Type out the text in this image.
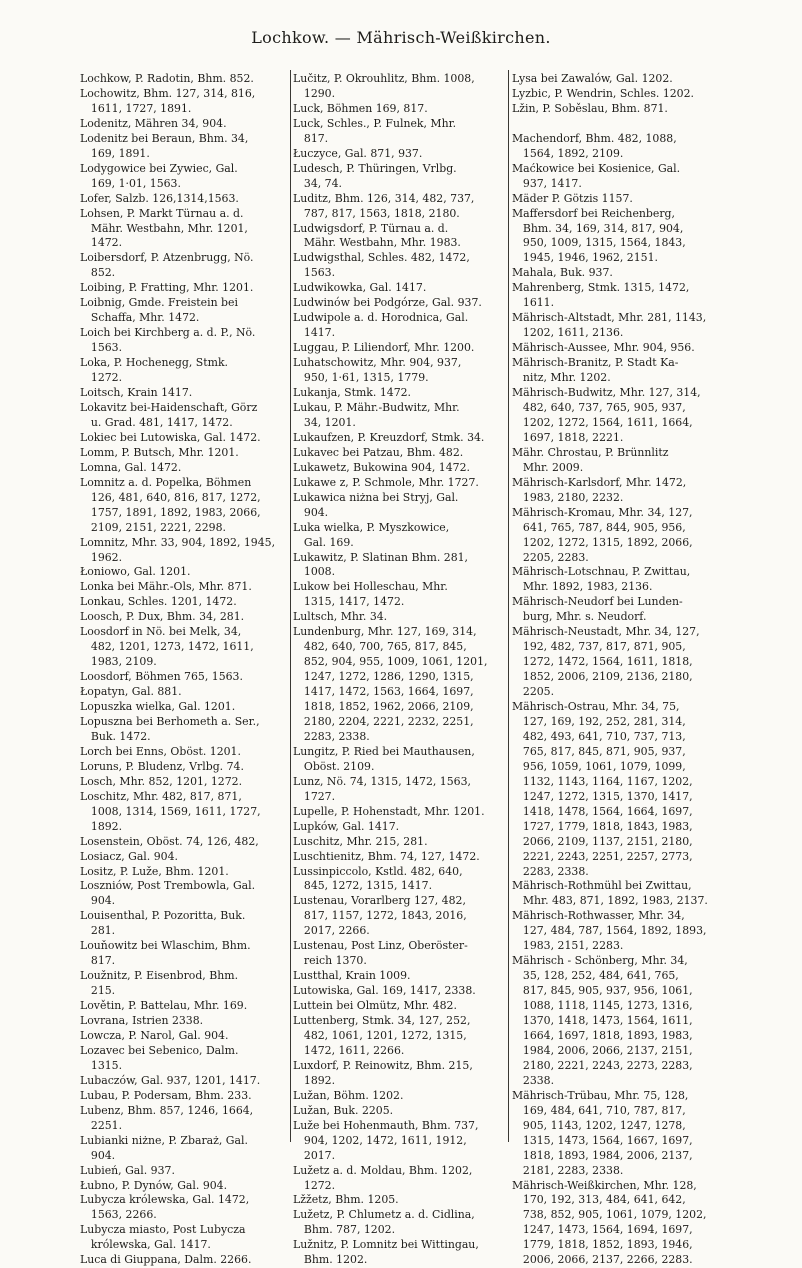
Lochkow. — Mährisch-Weißkirchen.
Lochkow, P. Radotin, Bhm. 852.
Lochowitz, Bhm. 127, 314, 816,
 1611, 1727, 1891.
Lodenitz, Mähren 34, 904.
Lodenitz bei Beraun, Bhm. 34,
 169, 1891.
Lodygowice bei Zywiec, Gal.
 169, 1·01, 1563.
Lofer, Salzb. 126,1314,1563.
Lohsen, P. Markt Türnau a. d.
 Mähr. Westbahn, Mhr. 1201,
 1472.
Loibersdorf, P. Atzenbrugg, Nö.
 852.
Loibing, P. Fratting, Mhr. 1201.
Loibnig, Gmde. Freistein bei
 Schaffa, Mhr. 1472.
Loich bei Kirchberg a. d. P., Nö.
 1563.
Loka, P. Hochenegg, Stmk.
 1272.
Loitsch, Krain 1417.
Lokavitz bei-Haidenschaft, Görz
 u. Grad. 481, 1417, 1472.
Lokiec bei Lutowiska, Gal. 1472.
Lomm, P. Butsch, Mhr. 1201.
Lomna, Gal. 1472.
Lomnitz a. d. Popelka, Böhmen
 126, 481, 640, 816, 817, 1272,
 1757, 1891, 1892, 1983, 2066,
 2109, 2151, 2221, 2298.
Lomnitz, Mhr. 33, 904, 1892, 1945,
 1962.
Łoniowo, Gal. 1201.
Lonka bei Mähr.-Ols, Mhr. 871.
Lonkau, Schles. 1201, 1472.
Loosch, P. Dux, Bhm. 34, 281.
Loosdorf in Nö. bei Melk, 34,
 482, 1201, 1273, 1472, 1611,
 1983, 2109.
Loosdorf, Böhmen 765, 1563.
Łopatyn, Gal. 881.
Lopuszka wielka, Gal. 1201.
Lopuszna bei Berhometh a. Ser.,
 Buk. 1472.
Lorch bei Enns, Oböst. 1201.
Loruns, P. Bludenz, Vrlbg. 74.
Losch, Mhr. 852, 1201, 1272.
Loschitz, Mhr. 482, 817, 871,
 1008, 1314, 1569, 1611, 1727,
 1892.
Losenstein, Oböst. 74, 126, 482,
Losiacz, Gal. 904.
Lositz, P. Luže, Bhm. 1201.
Loszniów, Post Trembowla, Gal.
 904.
Louisenthal, P. Pozoritta, Buk.
 281.
Louňowitz bei Wlaschim, Bhm.
 817.
Loužnitz, P. Eisenbrod, Bhm.
 215.
Lovětin, P. Battelau, Mhr. 169.
Lovrana, Istrien 2338.
Lowcza, P. Narol, Gal. 904.
Lozavec bei Sebenico, Dalm.
 1315.
Lubaczów, Gal. 937, 1201, 1417.
Lubau, P. Podersam, Bhm. 233.
Lubenz, Bhm. 857, 1246, 1664,
 2251.
Lubianki niżne, P. Zbaraż, Gal.
 904.
Lubień, Gal. 937.
Łubno, P. Dynów, Gal. 904.
Lubycza królewska, Gal. 1472,
 1563, 2266.
Lubycza miasto, Post Lubycza
 królewska, Gal. 1417.
Luca di Giuppana, Dalm. 2266.
Lučitz, P. Okrouhlitz, Bhm. 1008,
 1290.
Luck, Böhmen 169, 817.
Luck, Schles., P. Fulnek, Mhr.
 817.
Łuczyce, Gal. 871, 937.
Ludesch, P. Thüringen, Vrlbg.
 34, 74.
Luditz, Bhm. 126, 314, 482, 737,
 787, 817, 1563, 1818, 2180.
Ludwigsdorf, P. Türnau a. d.
 Mähr. Westbahn, Mhr. 1983.
Ludwigsthal, Schles. 482, 1472,
 1563.
Ludwikowka, Gal. 1417.
Ludwinów bei Podgórze, Gal. 937.
Ludwipole a. d. Horodnica, Gal.
 1417.
Luggau, P. Liliendorf, Mhr. 1200.
Luhatschowitz, Mhr. 904, 937,
 950, 1·61, 1315, 1779.
Lukanja, Stmk. 1472.
Lukau, P. Mähr.-Budwitz, Mhr.
 34, 1201.
Lukaufzen, P. Kreuzdorf, Stmk. 34.
Lukavec bei Patzau, Bhm. 482.
Lukawetz, Bukowina 904, 1472.
Lukawe z, P. Schmole, Mhr. 1727.
Lukawica niżna bei Stryj, Gal.
 904.
Luka wielka, P. Myszkowice,
 Gal. 169.
Lukawitz, P. Slatinan Bhm. 281,
 1008.
Lukow bei Holleschau, Mhr.
 1315, 1417, 1472.
Lultsch, Mhr. 34.
Lundenburg, Mhr. 127, 169, 314,
 482, 640, 700, 765, 817, 845,
 852, 904, 955, 1009, 1061, 1201,
 1247, 1272, 1286, 1290, 1315,
 1417, 1472, 1563, 1664, 1697,
 1818, 1852, 1962, 2066, 2109,
 2180, 2204, 2221, 2232, 2251,
 2283, 2338.
Lungitz, P. Ried bei Mauthausen,
 Oböst. 2109.
Lunz, Nö. 74, 1315, 1472, 1563,
 1727.
Lupelle, P. Hohenstadt, Mhr. 1201.
Lupków, Gal. 1417.
Luschitz, Mhr. 215, 281.
Luschtienitz, Bhm. 74, 127, 1472.
Lussinpiccolo, Kstld. 482, 640,
 845, 1272, 1315, 1417.
Lustenau, Vorarlberg 127, 482,
 817, 1157, 1272, 1843, 2016,
 2017, 2266.
Lustenau, Post Linz, Oberöster-
 reich 1370.
Lustthal, Krain 1009.
Lutowiska, Gal. 169, 1417, 2338.
Luttein bei Olmütz, Mhr. 482.
Luttenberg, Stmk. 34, 127, 252,
 482, 1061, 1201, 1272, 1315,
 1472, 1611, 2266.
Luxdorf, P. Reinowitz, Bhm. 215,
 1892.
Lužan, Böhm. 1202.
Lužan, Buk. 2205.
Luže bei Hohenmauth, Bhm. 737,
 904, 1202, 1472, 1611, 1912,
 2017.
Lužetz a. d. Moldau, Bhm. 1202,
 1272.
Lžžetz, Bhm. 1205.
Lužetz, P. Chlumetz a. d. Cidlina,
 Bhm. 787, 1202.
Lužnitz, P. Lomnitz bei Wittingau,
 Bhm. 1202.
Lysa bei Zawalów, Gal. 1202.
Lyzbic, P. Wendrin, Schles. 1202.
Lžin, P. Soběslau, Bhm. 871.

Machendorf, Bhm. 482, 1088,
 1564, 1892, 2109.
Maćkowice bei Kosienice, Gal.
 937, 1417.
Mäder P. Götzis 1157.
Maffersdorf bei Reichenberg,
 Bhm. 34, 169, 314, 817, 904,
 950, 1009, 1315, 1564, 1843,
 1945, 1946, 1962, 2151.
Mahala, Buk. 937.
Mahrenberg, Stmk. 1315, 1472,
 1611.
Mährisch-Altstadt, Mhr. 281, 1143,
 1202, 1611, 2136.
Mährisch-Aussee, Mhr. 904, 956.
Mährisch-Branitz, P. Stadt Ka-
 nitz, Mhr. 1202.
Mährisch-Budwitz, Mhr. 127, 314,
 482, 640, 737, 765, 905, 937,
 1202, 1272, 1564, 1611, 1664,
 1697, 1818, 2221.
Mähr. Chrostau, P. Brünnlitz
 Mhr. 2009.
Mährisch-Karlsdorf, Mhr. 1472,
 1983, 2180, 2232.
Mährisch-Kromau, Mhr. 34, 127,
 641, 765, 787, 844, 905, 956,
 1202, 1272, 1315, 1892, 2066,
 2205, 2283.
Mährisch-Lotschnau, P. Zwittau,
 Mhr. 1892, 1983, 2136.
Mährisch-Neudorf bei Lunden-
 burg, Mhr. s. Neudorf.
Mährisch-Neustadt, Mhr. 34, 127,
 192, 482, 737, 817, 871, 905,
 1272, 1472, 1564, 1611, 1818,
 1852, 2006, 2109, 2136, 2180,
 2205.
Mährisch-Ostrau, Mhr. 34, 75,
 127, 169, 192, 252, 281, 314,
 482, 493, 641, 710, 737, 713,
 765, 817, 845, 871, 905, 937,
 956, 1059, 1061, 1079, 1099,
 1132, 1143, 1164, 1167, 1202,
 1247, 1272, 1315, 1370, 1417,
 1418, 1478, 1564, 1664, 1697,
 1727, 1779, 1818, 1843, 1983,
 2066, 2109, 1137, 2151, 2180,
 2221, 2243, 2251, 2257, 2773,
 2283, 2338.
Mährisch-Rothmühl bei Zwittau,
 Mhr. 483, 871, 1892, 1983, 2137.
Mährisch-Rothwasser, Mhr. 34,
 127, 484, 787, 1564, 1892, 1893,
 1983, 2151, 2283.
Mährisch - Schönberg, Mhr. 34,
 35, 128, 252, 484, 641, 765,
 817, 845, 905, 937, 956, 1061,
 1088, 1118, 1145, 1273, 1316,
 1370, 1418, 1473, 1564, 1611,
 1664, 1697, 1818, 1893, 1983,
 1984, 2006, 2066, 2137, 2151,
 2180, 2221, 2243, 2273, 2283,
 2338.
Mährisch-Trübau, Mhr. 75, 128,
 169, 484, 641, 710, 787, 817,
 905, 1143, 1202, 1247, 1278,
 1315, 1473, 1564, 1667, 1697,
 1818, 1893, 1984, 2006, 2137,
 2181, 2283, 2338.
Mährisch-Weißkirchen, Mhr. 128,
 170, 192, 313, 484, 641, 642,
 738, 852, 905, 1061, 1079, 1202,
 1247, 1473, 1564, 1694, 1697,
 1779, 1818, 1852, 1893, 1946,
 2006, 2066, 2137, 2266, 2283.
